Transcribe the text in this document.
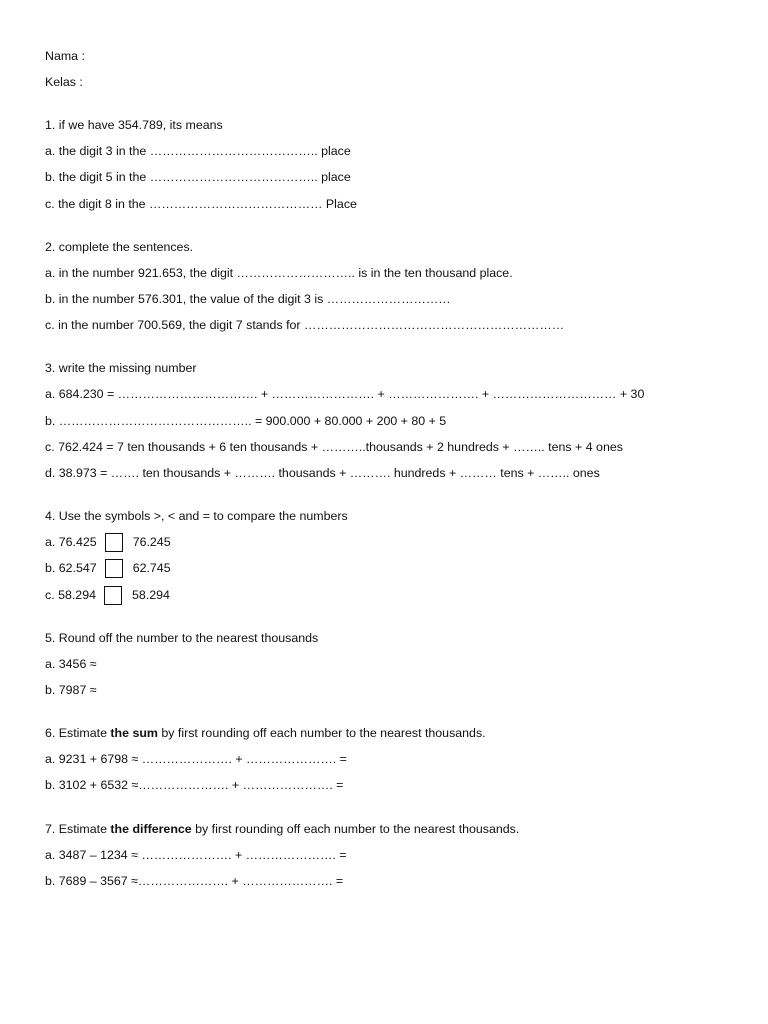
Nama :
Kelas :
1. if we have 354.789, its means
a. the digit 3 in the ………………………………….. place
b. the digit 5 in the ………………………………….. place
c. the digit 8 in the …………………………………… Place
2. complete the sentences.
a. in the number 921.653, the digit ……………………….. is in the ten thousand place.
b. in the number 576.301, the value of the digit 3 is …………………………
c. in the number 700.569, the digit 7 stands for ………………………………………………………
3. write the missing number
a. 684.230 = ……………………………. + ……………………. + …………………. + ………………………… + 30
b. ……………………………………….. = 900.000 + 80.000 + 200 + 80 + 5
c. 762.424 = 7 ten thousands + 6 ten thousands + ………..thousands + 2 hundreds + …….. tens + 4 ones
d. 38.973 = ……. ten thousands + ………. thousands + ………. hundreds + ……… tens + …….. ones
4. Use the symbols >, < and = to compare the numbers
a. 76.425	76.245
b. 62.547	62.745
c. 58.294	58.294
5. Round off the number to the nearest thousands
a. 3456 ≈
b. 7987 ≈
6. Estimate the sum by first rounding off each number to the nearest thousands.
a. 9231 + 6798 ≈ …………………. + …………………. =
b. 3102 + 6532 ≈…………………. + …………………. =
7. Estimate the difference by first rounding off each number to the nearest thousands.
a. 3487 – 1234 ≈ …………………. + …………………. =
b. 7689 – 3567 ≈…………………. + …………………. =
